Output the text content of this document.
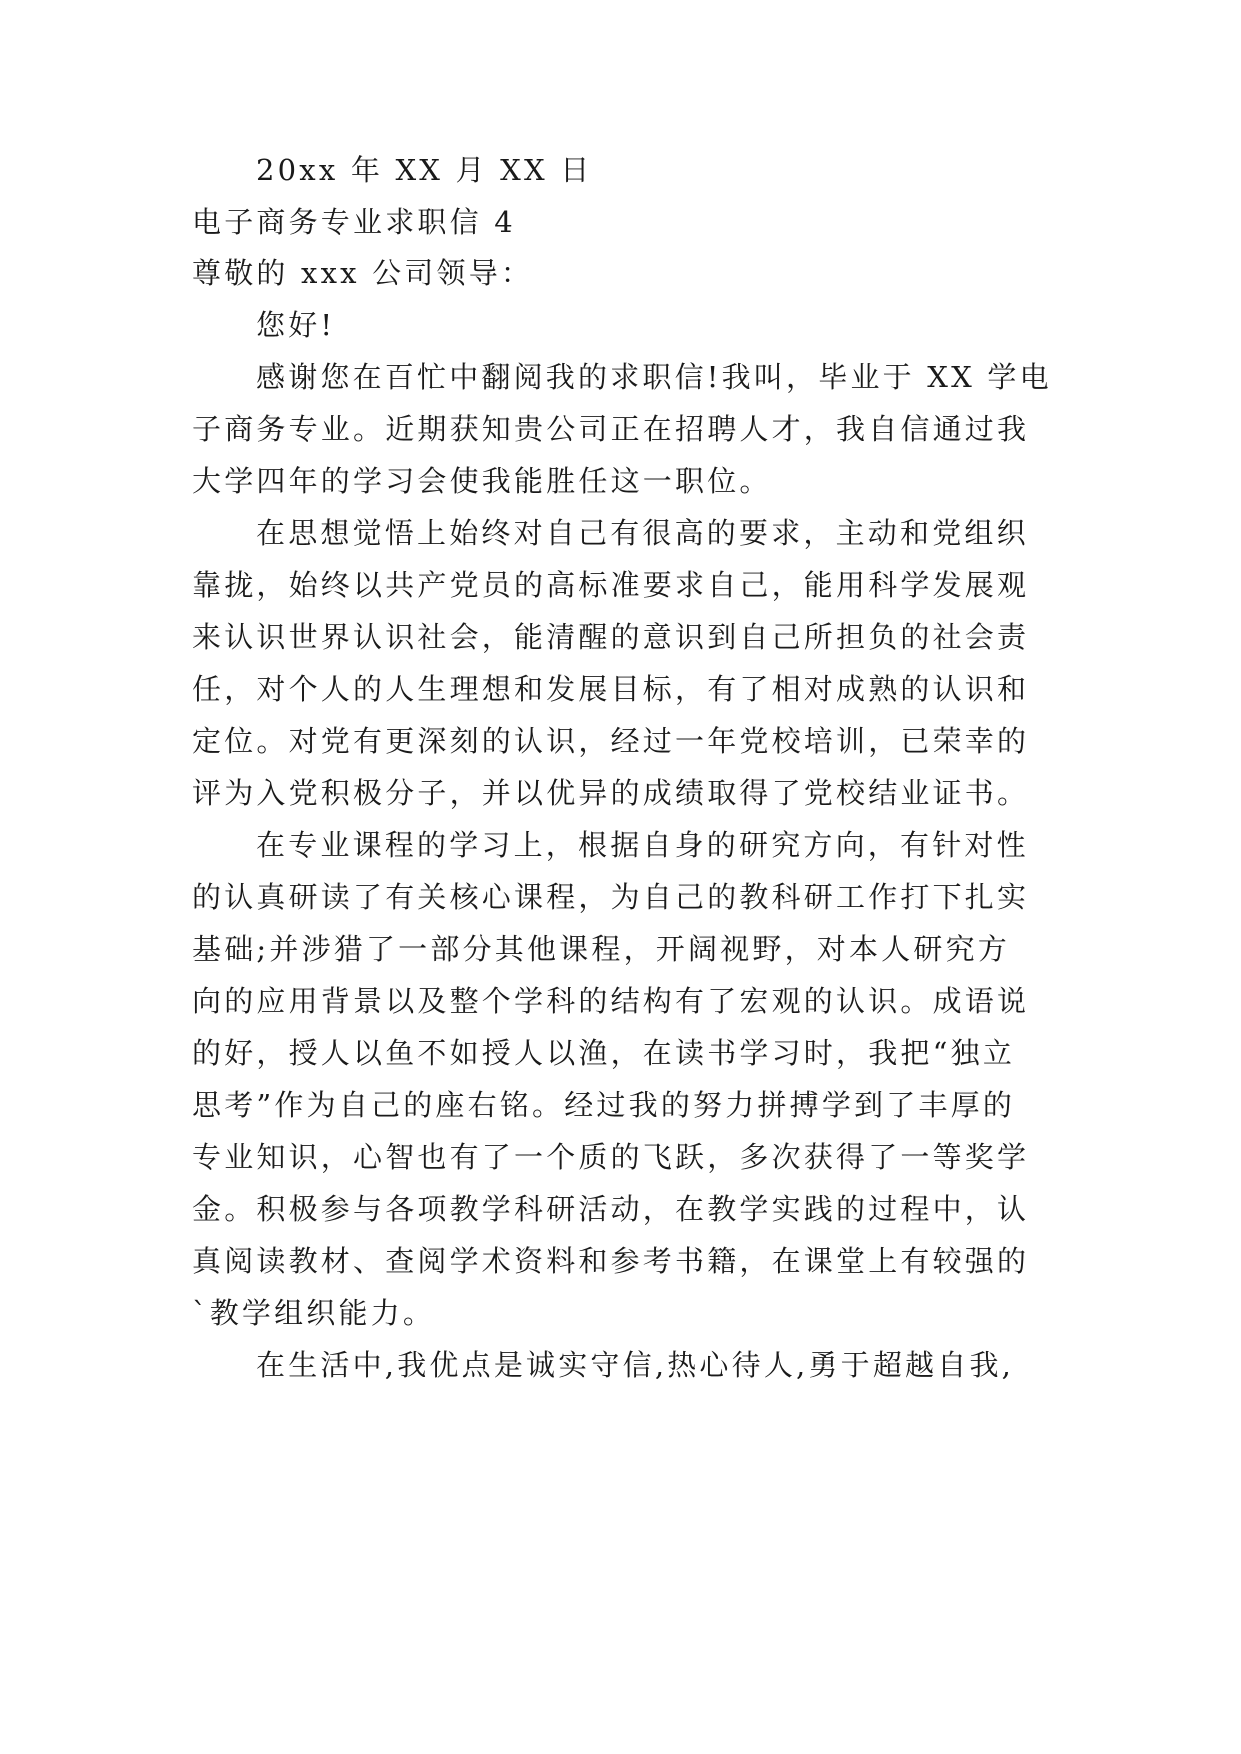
20xx 年 XX 月 XX 日
电子商务专业求职信 4
尊敬的 xxx 公司领导：
您好!
感谢您在百忙中翻阅我的求职信!我叫，毕业于 XX 学电
子商务专业。近期获知贵公司正在招聘人才，我自信通过我
大学四年的学习会使我能胜任这一职位。
在思想觉悟上始终对自己有很高的要求，主动和党组织
靠拢，始终以共产党员的高标准要求自己，能用科学发展观
来认识世界认识社会，能清醒的意识到自己所担负的社会责
任，对个人的人生理想和发展目标，有了相对成熟的认识和
定位。对党有更深刻的认识，经过一年党校培训，已荣幸的
评为入党积极分子，并以优异的成绩取得了党校结业证书。
在专业课程的学习上，根据自身的研究方向，有针对性
的认真研读了有关核心课程，为自己的教科研工作打下扎实
基础;并涉猎了一部分其他课程，开阔视野，对本人研究方
向的应用背景以及整个学科的结构有了宏观的认识。成语说
的好，授人以鱼不如授人以渔，在读书学习时，我把“独立
思考”作为自己的座右铭。经过我的努力拼搏学到了丰厚的
专业知识，心智也有了一个质的飞跃，多次获得了一等奖学
金。积极参与各项教学科研活动，在教学实践的过程中，认
真阅读教材、查阅学术资料和参考书籍，在课堂上有较强的
`教学组织能力。
在生活中,我优点是诚实守信,热心待人,勇于超越自我,
